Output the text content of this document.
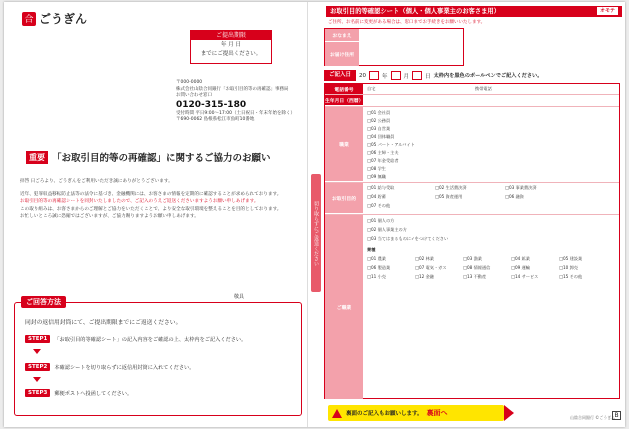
合 ごうぎん
ご提出期限
年 月 日
までにご提出ください。
〒000-0000
株式会社山陰合同銀行「お取引目的等の再確認」事務局
お問い合わせ窓口
0120-315-180
受付時間 平日9:00〜17:00（土日祝日・年末年始を除く）
〒690-0062 島根県松江市魚町10番地
重要 「お取引目的等の再確認」に関するご協力のお願い

拝啓 日ごろより、ごうぎんをご利用いただき誠にありがとうございます。

近年、犯罪収益移転防止法等の法令に基づき、金融機関には、お客さまの情報を定期的に確認することが求められております。

お取引目的等の再確認シートを同封いたしましたので、ご記入のうえご返送くださいますようお願い申しあげます。

この取り組みは、お客さまからのご理解とご協力をいただくことで、より安全な取引環境を整えることを目的としております。

お忙しいところ誠に恐縮ではございますが、ご協力賜りますようお願い申しあげます。

敬具
ご回答方法
同封の返信用封筒にて、ご提出期限までにご返送ください。
STEP1	「お取引目的等確認シート」の記入内容をご確認の上、太枠内をご記入ください。
STEP2	本確認シートを切り取らずに返信用封筒に入れてください。
STEP3	郵便ポストへ投函してください。
切り取らずにご返送ください
お取引目的等確認シート（個人・個人事業主のお客さま用）	オモテ
ご住所、お名前に変更がある場合は、窓口までお手続きをお願いいたします。
おなまえ
お届け住所
ご記入日	20	年	月	日 太枠内を黒色のボールペンでご記入ください。
電話番号	自宅	携帯電話
生年月日（西暦）
職業
□01 会社員
□02 公務員
□03 自営業
□04 団体職員
□05 パート・アルバイト
□06 主婦・主夫
□07 年金受給者
□08 学生
□09 無職
お取引目的
□01 給与受取	□02 生活費決済	□03 事業費決済
□04 貯蓄	□05 資産運用	□06 融資
□07 その他
ご職業
□01 個人の方
□02 個人事業主の方
□03 当てはまるものに✓をつけてください
業種
□01 農業	□02 林業	□03 漁業	□04 鉱業	□05 建設業
□06 製造業	□07 電気・ガス	□08 情報通信	□09 運輸	□10 卸売
□11 小売	□12 金融	□13 不動産	□14 サービス	□15 その他
裏面のご記入もお願いします。 裏面へ
山陰合同銀行 ©ごうぎん B
